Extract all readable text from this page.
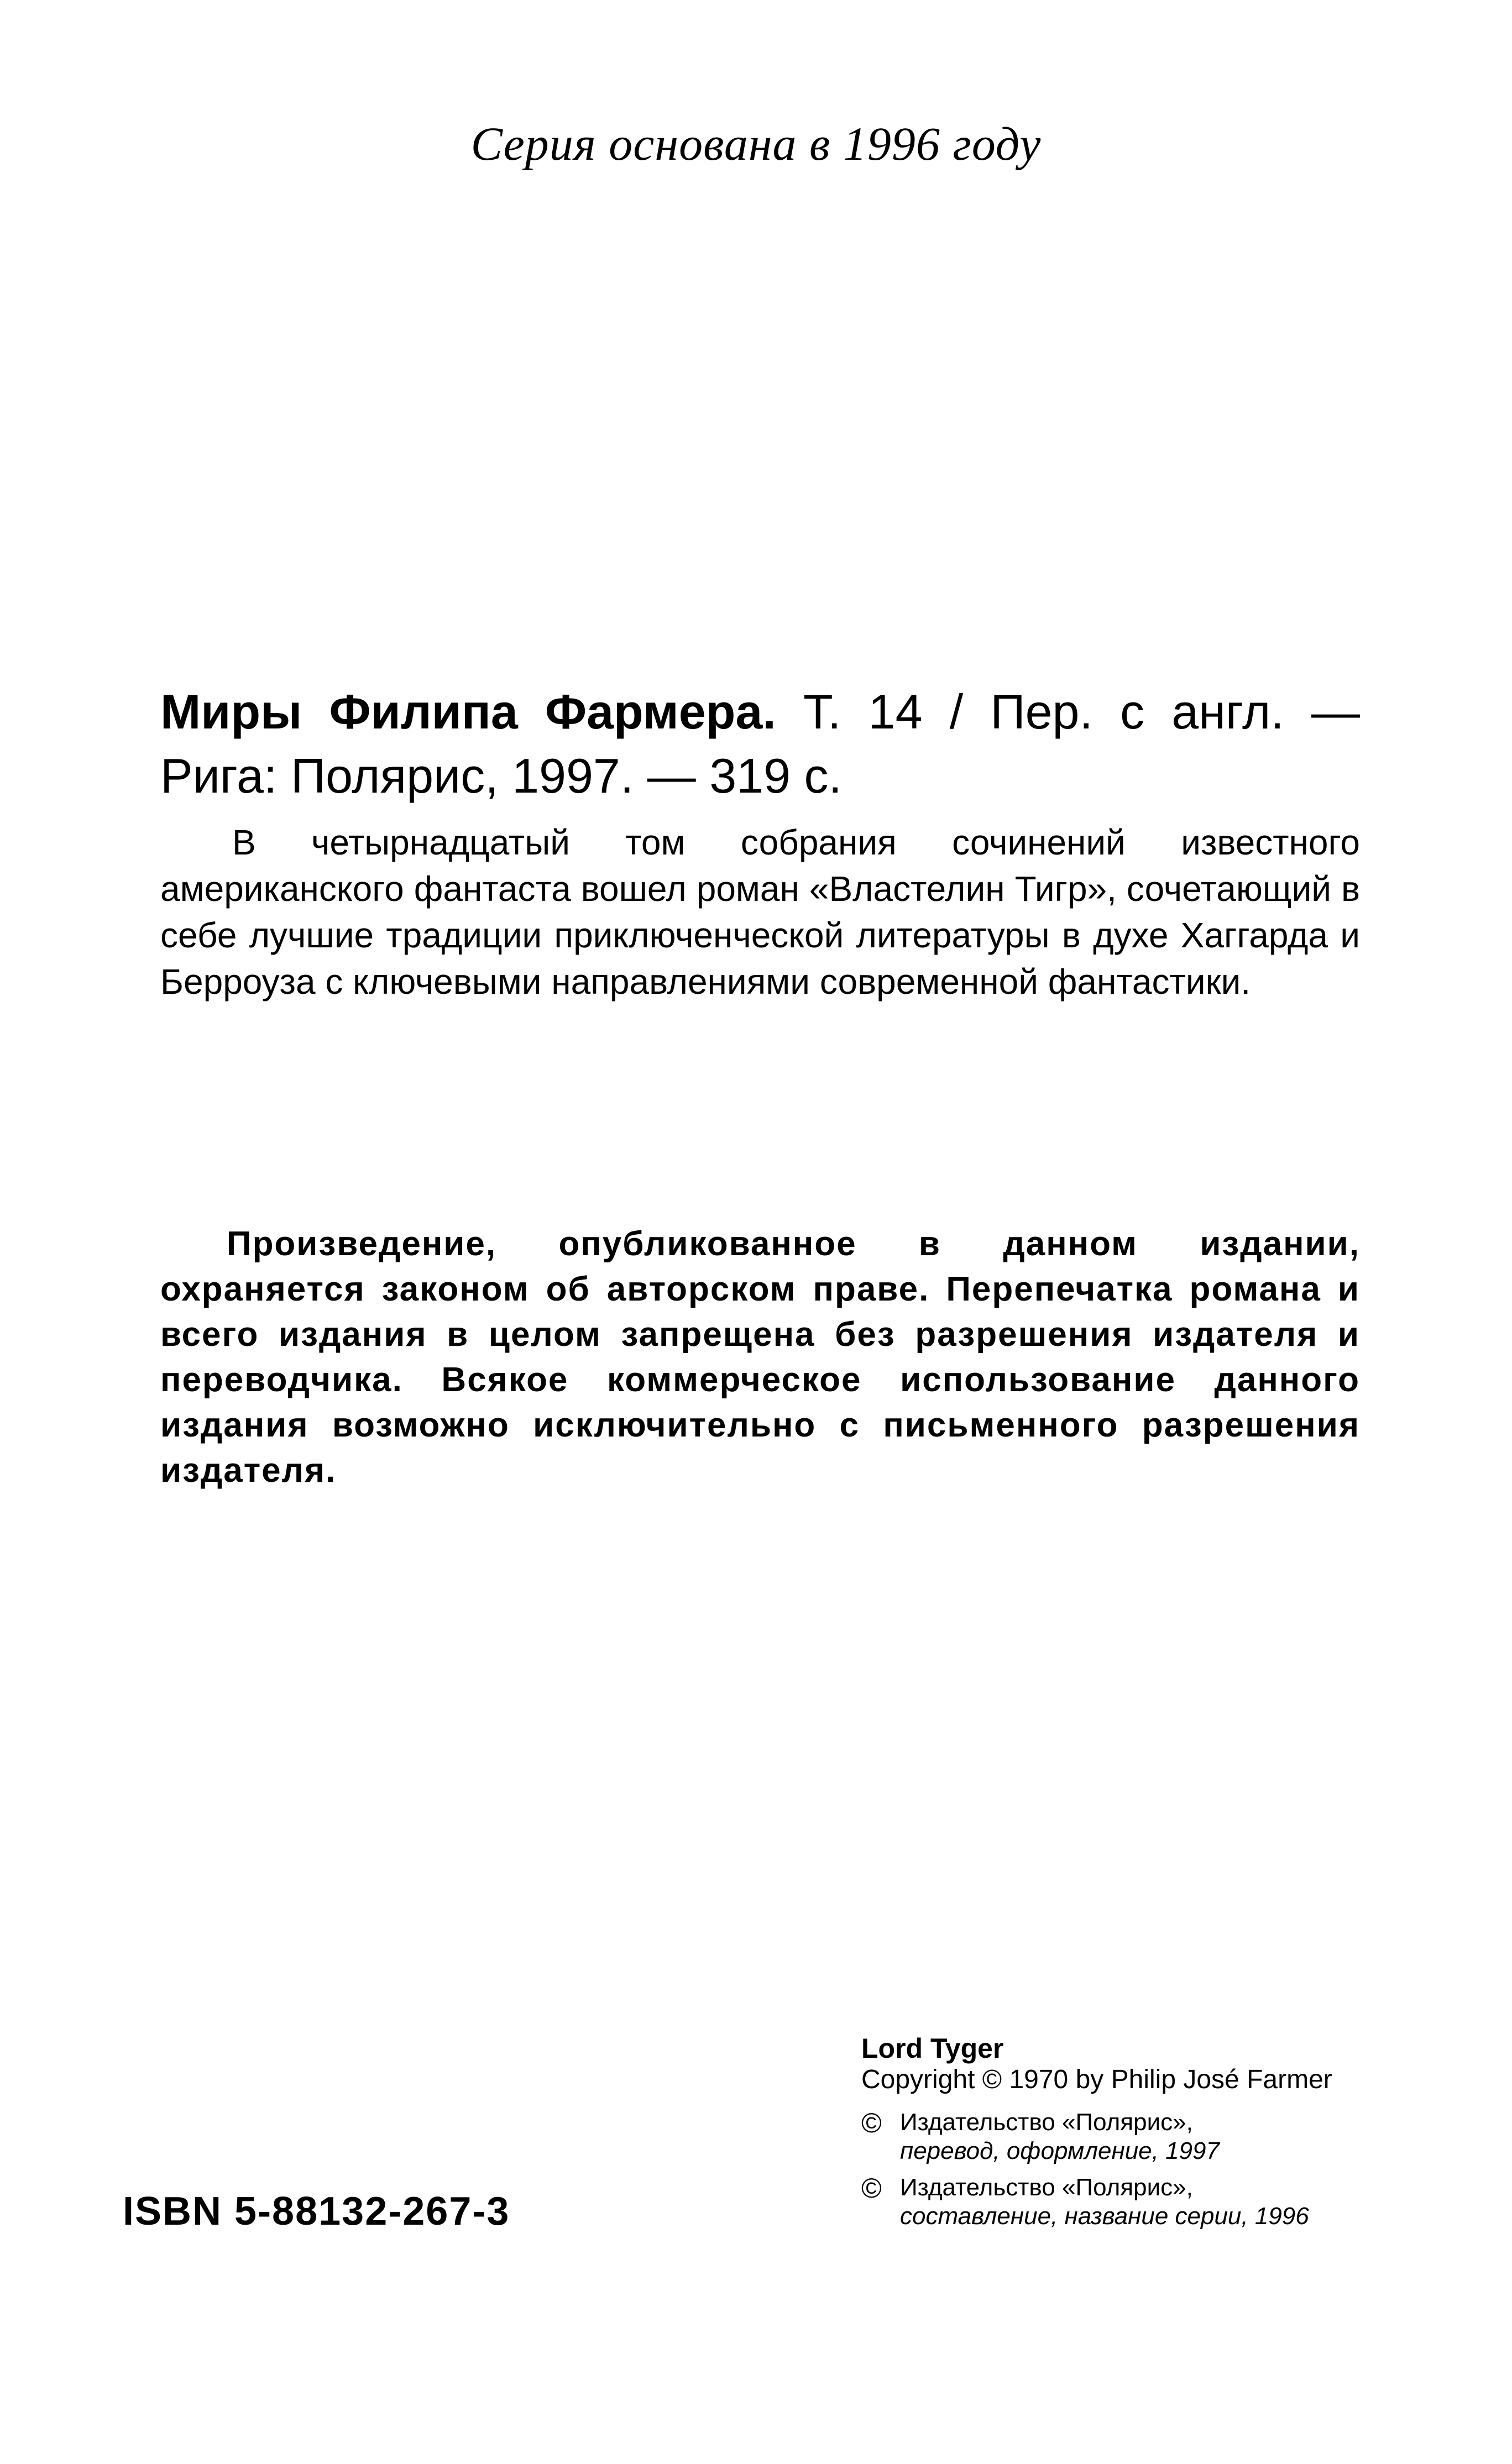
Серия основана в 1996 году

Миры Филипа Фармера. Т. 14 / Пер. с англ. — Рига: Полярис, 1997. — 319 с.

В четырнадцатый том собрания сочинений известного американского фантаста вошел роман «Властелин Тигр», сочетающий в себе лучшие традиции приключенческой литературы в духе Хаггарда и Берроуза с ключевыми направлениями современной фантастики.

Произведение, опубликованное в данном издании, охраняется законом об авторском праве. Перепечатка романа и всего издания в целом запрещена без разрешения издателя и переводчика. Всякое коммерческое использование данного издания возможно исключительно с письменного разрешения издателя.

ISBN 5-88132-267-3

Lord Tyger

Copyright © 1970 by Philip José Farmer

© Издательство «Полярис»,
перевод, оформление, 1997
© Издательство «Полярис»,
составление, название серии, 1996
